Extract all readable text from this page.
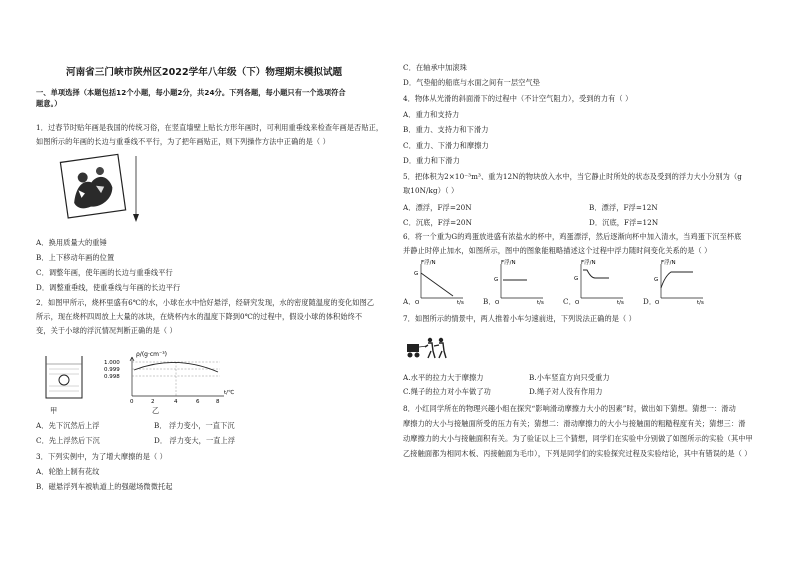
河南省三门峡市陕州区2022学年八年级（下）物理期末模拟试题
一、单项选择（本题包括12个小题，每小题2分，共24分。下列各题，每小题只有一个选项符合
题意。）
1．过春节时贴年画是我国的传统习俗，在竖直墙壁上贴长方形年画时，可利用重垂线来检查年画是否贴正，
如图所示的年画的长边与重垂线不平行，为了把年画贴正，则下列操作方法中正确的是（ ）
A．换用质量大的重锤
B．上下移动年画的位置
C．调整年画，使年画的长边与重垂线平行
D．调整重垂线，使重垂线与年画的长边平行
2．如图甲所示，烧杯里盛有6℃的水，小球在水中恰好悬浮，经研究发现，水的密度随温度的变化如图乙
所示，现在烧杯四周放上大量的冰块，在烧杯内水的温度下降到0℃的过程中，假设小球的体积始终不
变，关于小球的浮沉情况判断正确的是（ ）
甲
ρ/(g·cm⁻³)
1.000
0.999
0.998
0	2	4	6	8
t/℃
乙
A．先下沉然后上浮	B． 浮力变小，一直下沉
C．先上浮然后下沉	D． 浮力变大，一直上浮
3．下列实例中，为了增大摩擦的是（ ）
A．轮胎上制有花纹
B．磁悬浮列车被轨道上的强磁场微微托起
C．在轴承中加滚珠
D．气垫船的船底与水面之间有一层空气垫
4．物体从光滑的斜面滑下的过程中（不计空气阻力），受到的力有（ ）
A．重力和支持力
B．重力、支持力和下滑力
C．重力、下滑力和摩擦力
D．重力和下滑力
5．把体积为2×10⁻³m³、重为12N的物块放入水中，当它静止时所处的状态及受到的浮力大小分别为（g
取10N/kg）（ ）
A．漂浮，F浮=20N	B．漂浮，F浮=12N
C．沉底，F浮=20N	D．沉底，F浮=12N
6．将一个重为G的鸡蛋放进盛有浓盐水的杯中，鸡蛋漂浮，然后逐渐向杯中加入清水，当鸡蛋下沉至杯底
并静止时停止加水，如图所示，图中的图象能粗略描述这个过程中浮力随时间变化关系的是（ ）
A．
F浮/N
G
O	t/s	B．
F浮/N
G
O	t/s	C．
F浮/N
G
O	t/s	D．
F浮/N
G
O	t/s
7．如图所示的情景中，两人推着小车匀速前进，下列说法正确的是（ ）
A.水平的拉力大于摩擦力	B.小车竖直方向只受重力
C.绳子的拉力对小车做了功	D.绳子对人没有作用力
8．小红同学所在的物理兴趣小组在探究“影响滑动摩擦力大小的因素”时，做出如下猜想。猜想一：滑动
摩擦力的大小与接触面所受的压力有关；猜想二：滑动摩擦力的大小与接触面的粗糙程度有关；猜想三：滑
动摩擦力的大小与接触面积有关。为了验证以上三个猜想，同学们在实验中分别做了如图所示的实验（其中甲
乙接触面都为相同木板、丙接触面为毛巾），下列是同学们的实验探究过程及实验结论，其中有错误的是（ ）
